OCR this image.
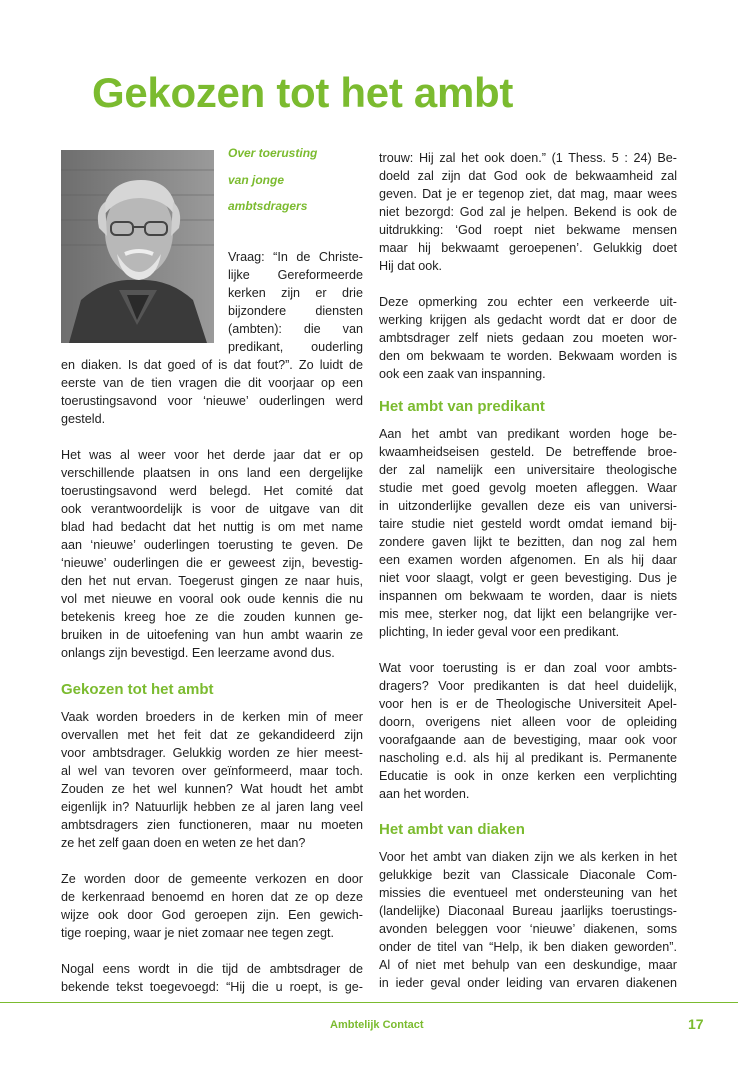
Gekozen tot het ambt
Over toerusting
van jonge
ambtsdragers
Vraag: “In de Christe-
lijke Gereformeerde
kerken zijn er drie
bijzondere diensten
(ambten): die van
predikant, ouderling
en diaken. Is dat goed of is dat fout?”. Zo luidt de
eerste van de tien vragen die dit voorjaar op een
toerustingsavond voor ‘nieuwe’ ouderlingen werd
gesteld.
Het was al weer voor het derde jaar dat er op
verschillende plaatsen in ons land een dergelijke
toerustingsavond werd belegd. Het comité dat
ook verantwoordelijk is voor de uitgave van dit
blad had bedacht dat het nuttig is om met name
aan ‘nieuwe’ ouderlingen toerusting te geven. De
‘nieuwe’ ouderlingen die er geweest zijn, bevestig-
den het nut ervan. Toegerust gingen ze naar huis,
vol met nieuwe en vooral ook oude kennis die nu
betekenis kreeg hoe ze die zouden kunnen ge-
bruiken in de uitoefening van hun ambt waarin ze
onlangs zijn bevestigd. Een leerzame avond dus.
Gekozen tot het ambt
Vaak worden broeders in de kerken min of meer
overvallen met het feit dat ze gekandideerd zijn
voor ambtsdrager. Gelukkig worden ze hier meest-
al wel van tevoren over geïnformeerd, maar toch.
Zouden ze het wel kunnen? Wat houdt het ambt
eigenlijk in? Natuurlijk hebben ze al jaren lang veel
ambtsdragers zien functioneren, maar nu moeten
ze het zelf gaan doen en weten ze het dan?
Ze worden door de gemeente verkozen en door
de kerkenraad benoemd en horen dat ze op deze
wijze ook door God geroepen zijn. Een gewich-
tige roeping, waar je niet zomaar nee tegen zegt.
Nogal eens wordt in die tijd de ambtsdrager de
bekende tekst toegevoegd: “Hij die u roept, is ge-
trouw: Hij zal het ook doen.” (1 Thess. 5 : 24) Be-
doeld zal zijn dat God ook de bekwaamheid zal
geven. Dat je er tegenop ziet, dat mag, maar wees
niet bezorgd: God zal je helpen. Bekend is ook de
uitdrukking: ‘God roept niet bekwame mensen
maar hij bekwaamt geroepenen’. Gelukkig doet
Hij dat ook.
Deze opmerking zou echter een verkeerde uit-
werking krijgen als gedacht wordt dat er door de
ambtsdrager zelf niets gedaan zou moeten wor-
den om bekwaam te worden. Bekwaam worden is
ook een zaak van inspanning.
Het ambt van predikant
Aan het ambt van predikant worden hoge be-
kwaamheidseisen gesteld. De betreffende broe-
der zal namelijk een universitaire theologische
studie met goed gevolg moeten afleggen. Waar
in uitzonderlijke gevallen deze eis van universi-
taire studie niet gesteld wordt omdat iemand bij-
zondere gaven lijkt te bezitten, dan nog zal hem
een examen worden afgenomen. En als hij daar
niet voor slaagt, volgt er geen bevestiging. Dus je
inspannen om bekwaam te worden, daar is niets
mis mee, sterker nog, dat lijkt een belangrijke ver-
plichting, In ieder geval voor een predikant.
Wat voor toerusting is er dan zoal voor ambts-
dragers? Voor predikanten is dat heel duidelijk,
voor hen is er de Theologische Universiteit Apel-
doorn, overigens niet alleen voor de opleiding
voorafgaande aan de bevestiging, maar ook voor
nascholing e.d. als hij al predikant is. Permanente
Educatie is ook in onze kerken een verplichting
aan het worden.
Het ambt van diaken
Voor het ambt van diaken zijn we als kerken in het
gelukkige bezit van Classicale Diaconale Com-
missies die eventueel met ondersteuning van het
(landelijke) Diaconaal Bureau jaarlijks toerustings-
avonden beleggen voor ‘nieuwe’ diakenen, soms
onder de titel van “Help, ik ben diaken geworden”.
Al of niet met behulp van een deskundige, maar
in ieder geval onder leiding van ervaren diakenen
Ambtelijk Contact	17
